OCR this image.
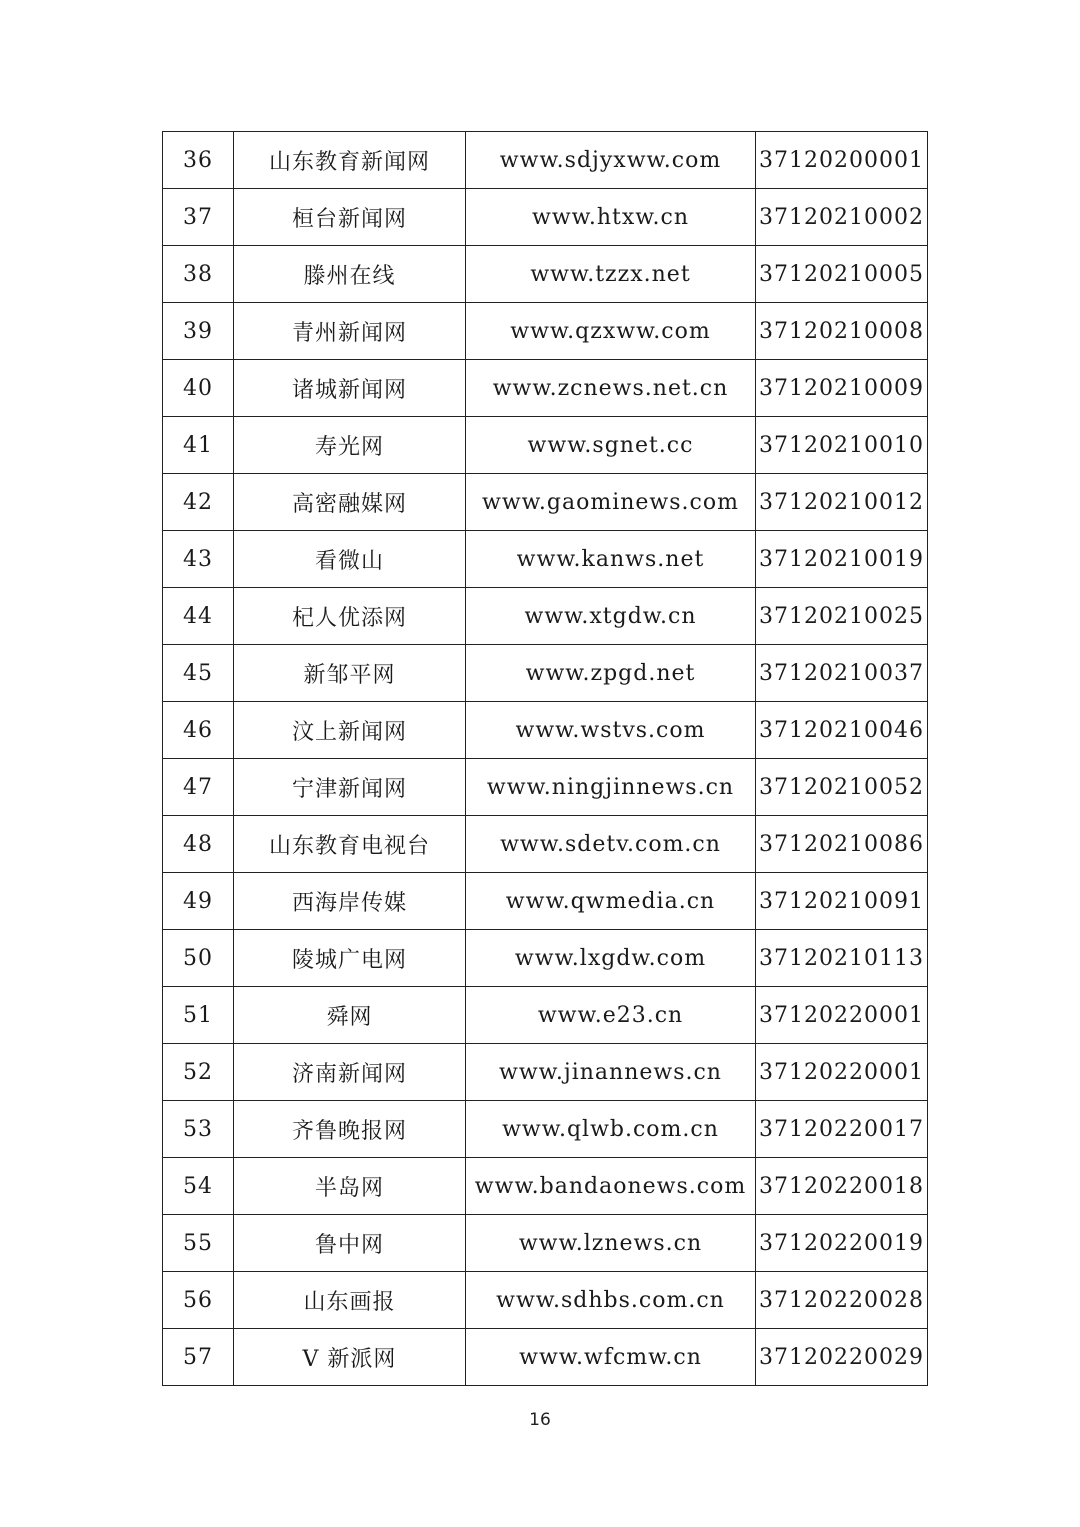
36	山东教育新闻网	www.sdjyxww.com	37120200001
37	桓台新闻网	www.htxw.cn	37120210002
38	滕州在线	www.tzzx.net	37120210005
39	青州新闻网	www.qzxww.com	37120210008
40	诸城新闻网	www.zcnews.net.cn	37120210009
41	寿光网	www.sgnet.cc	37120210010
42	高密融媒网	www.gaominews.com	37120210012
43	看微山	www.kanws.net	37120210019
44	杞人优添网	www.xtgdw.cn	37120210025
45	新邹平网	www.zpgd.net	37120210037
46	汶上新闻网	www.wstvs.com	37120210046
47	宁津新闻网	www.ningjinnews.cn	37120210052
48	山东教育电视台	www.sdetv.com.cn	37120210086
49	西海岸传媒	www.qwmedia.cn	37120210091
50	陵城广电网	www.lxgdw.com	37120210113
51	舜网	www.e23.cn	37120220001
52	济南新闻网	www.jinannews.cn	37120220001
53	齐鲁晚报网	www.qlwb.com.cn	37120220017
54	半岛网	www.bandaonews.com	37120220018
55	鲁中网	www.lznews.cn	37120220019
56	山东画报	www.sdhbs.com.cn	37120220028
57	V 新派网	www.wfcmw.cn	37120220029
16
